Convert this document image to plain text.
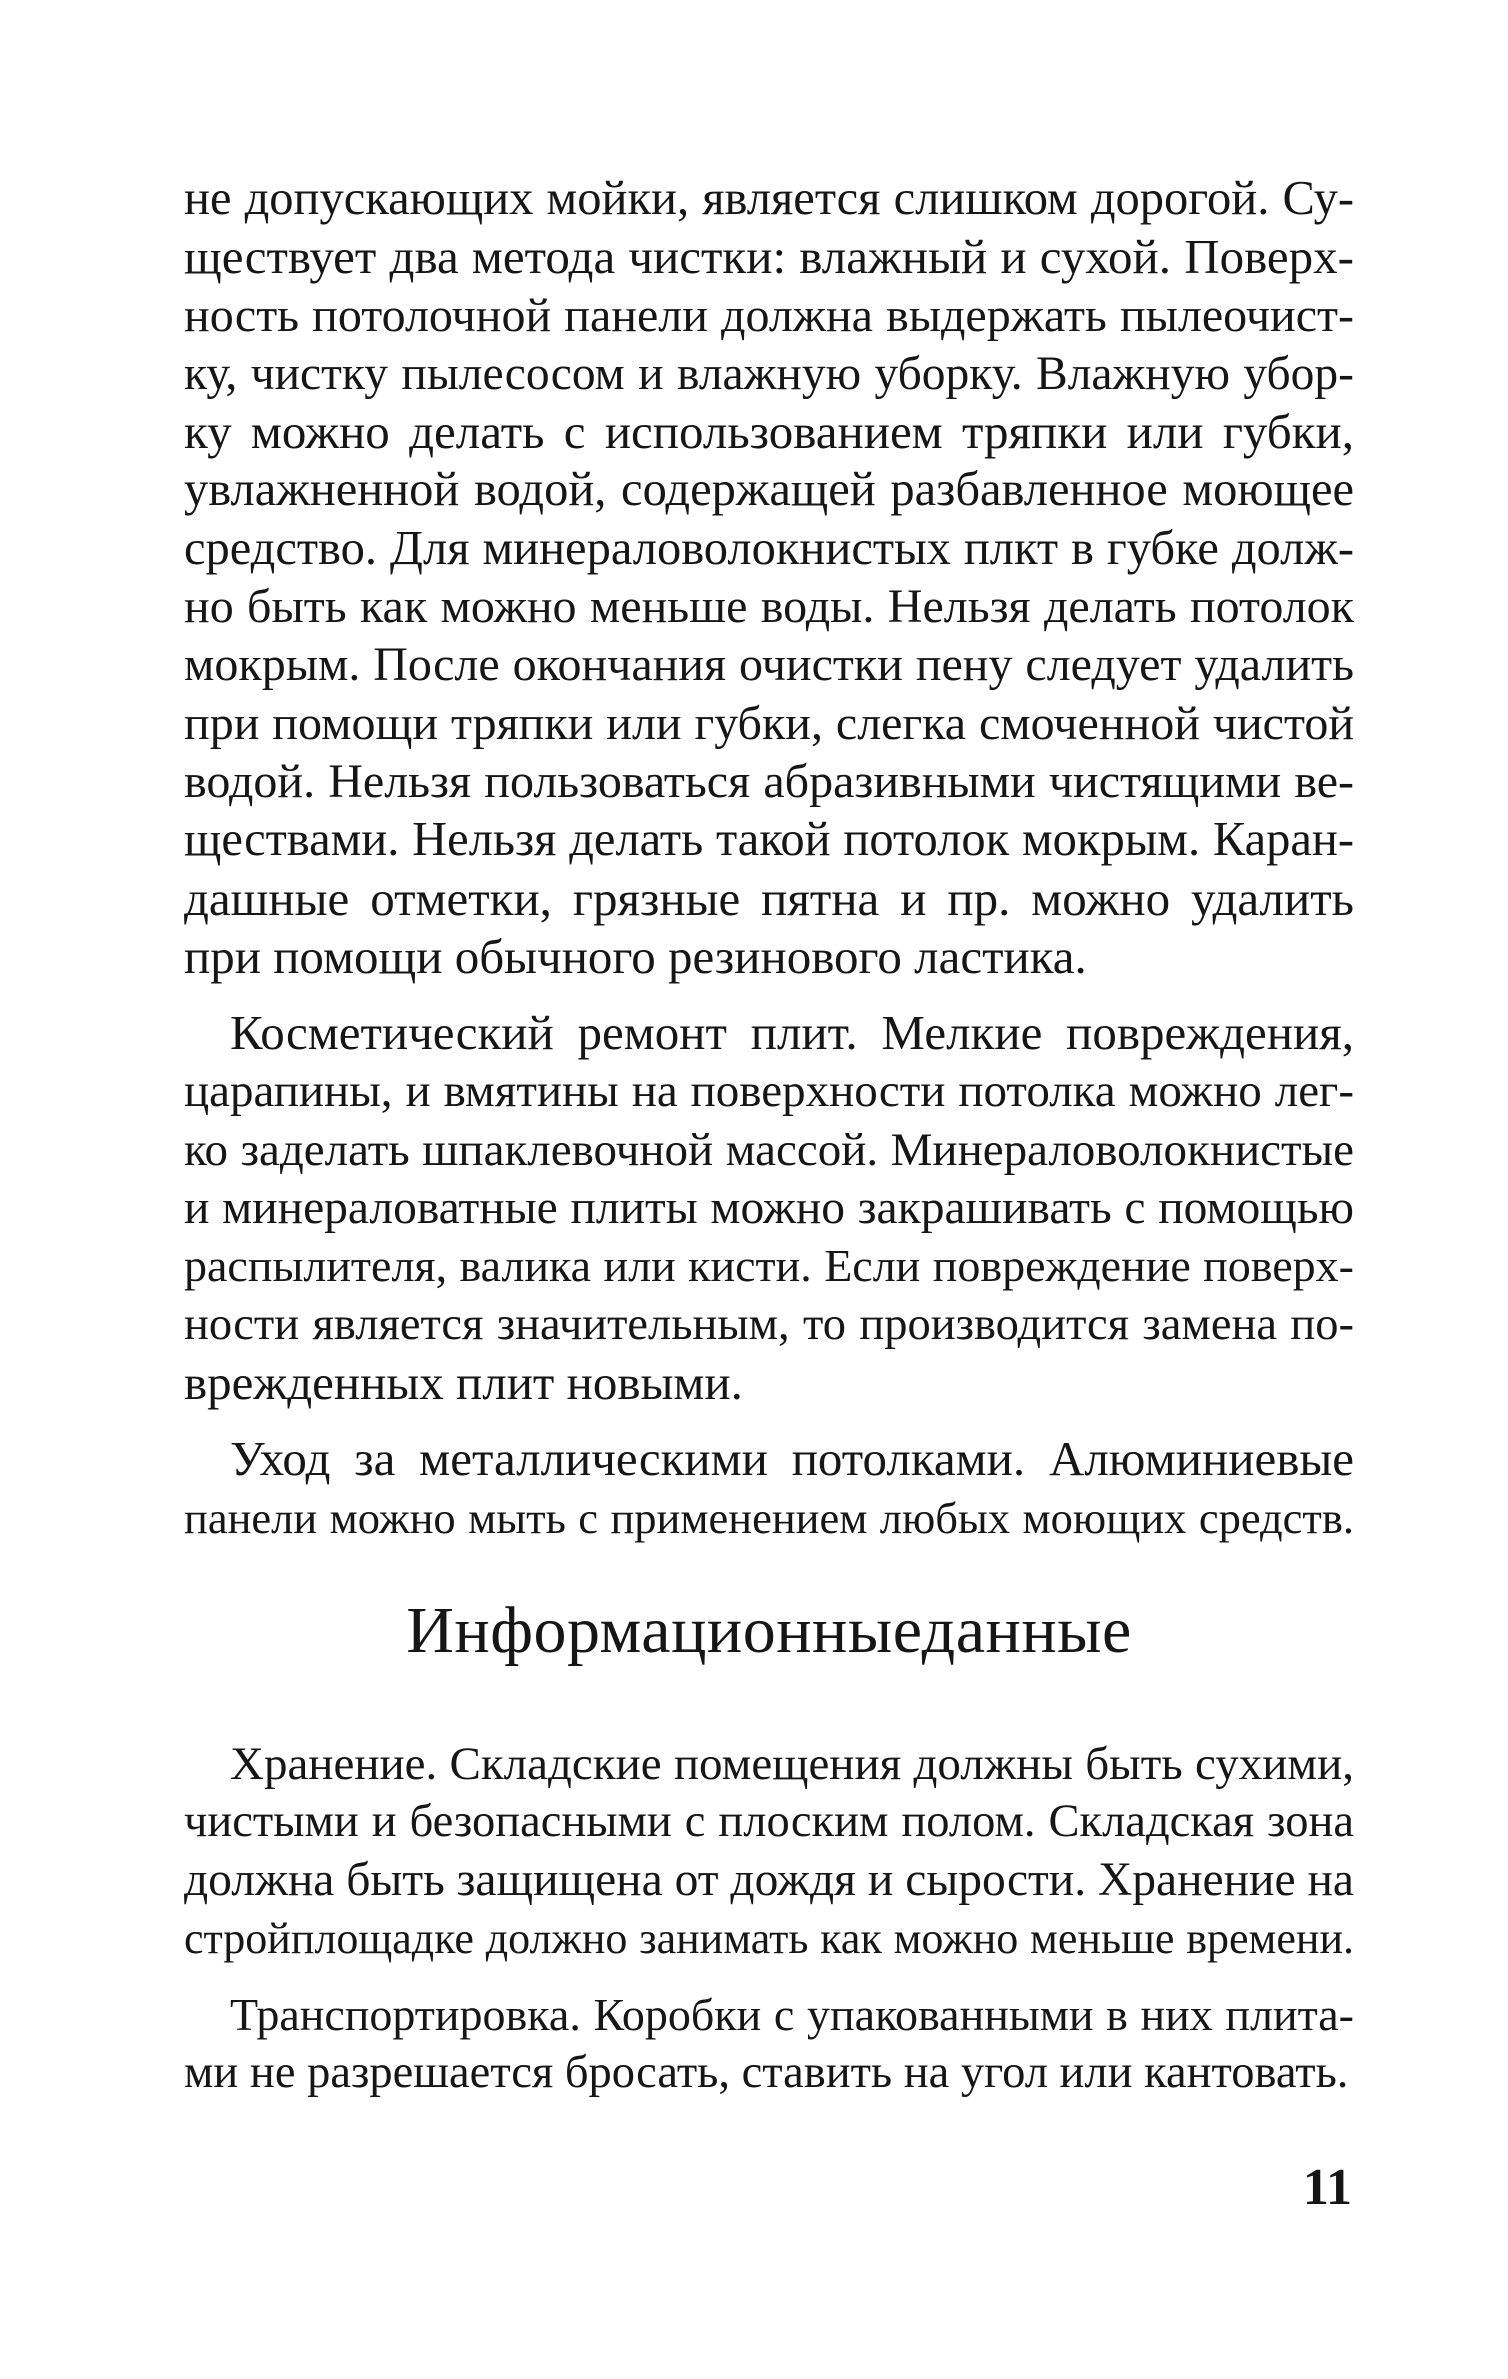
не допускающих мойки, является слишком дорогой. Су-
ществует два метода чистки: влажный и сухой. Поверх-
ность потолочной панели должна выдержать пылеочист-
ку, чистку пылесосом и влажную уборку. Влажную убор-
ку можно делать с использованием тряпки или губки,
увлажненной водой, содержащей разбавленное моющее
средство. Для минераловолокнистых плкт в губке долж-
но быть как можно меньше воды. Нельзя делать потолок
мокрым. После окончания очистки пену следует удалить
при помощи тряпки или губки, слегка смоченной чистой
водой. Нельзя пользоваться абразивными чистящими ве-
ществами. Нельзя делать такой потолок мокрым. Каран-
дашные отметки, грязные пятна и пр. можно удалить
при помощи обычного резинового ластика.
Косметический ремонт плит. Мелкие повреждения,
царапины, и вмятины на поверхности потолка можно лег-
ко заделать шпаклевочной массой. Минераловолокнистые
и минераловатные плиты можно закрашивать с помощью
распылителя, валика или кисти. Если повреждение поверх-
ности является значительным, то производится замена по-
врежденных плит новыми.
Уход за металлическими потолками. Алюминиевые
панели можно мыть с применением любых моющих средств.
Информационныеданные
Хранение. Складские помещения должны быть сухими,
чистыми и безопасными с плоским полом. Складская зона
должна быть защищена от дождя и сырости. Хранение на
стройплощадке должно занимать как можно меньше времени.
Транспортировка. Коробки с упакованными в них плита-
ми не разрешается бросать, ставить на угол или кантовать.
11
